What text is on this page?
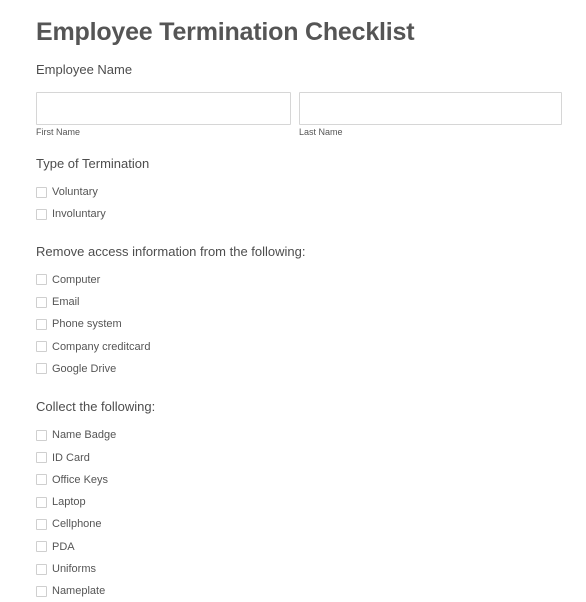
Employee Termination Checklist
Employee Name
First Name	Last Name
Type of Termination
Voluntary
Involuntary
Remove access information from the following:
Computer
Email
Phone system
Company creditcard
Google Drive
Collect the following:
Name Badge
ID Card
Office Keys
Laptop
Cellphone
PDA
Uniforms
Nameplate
